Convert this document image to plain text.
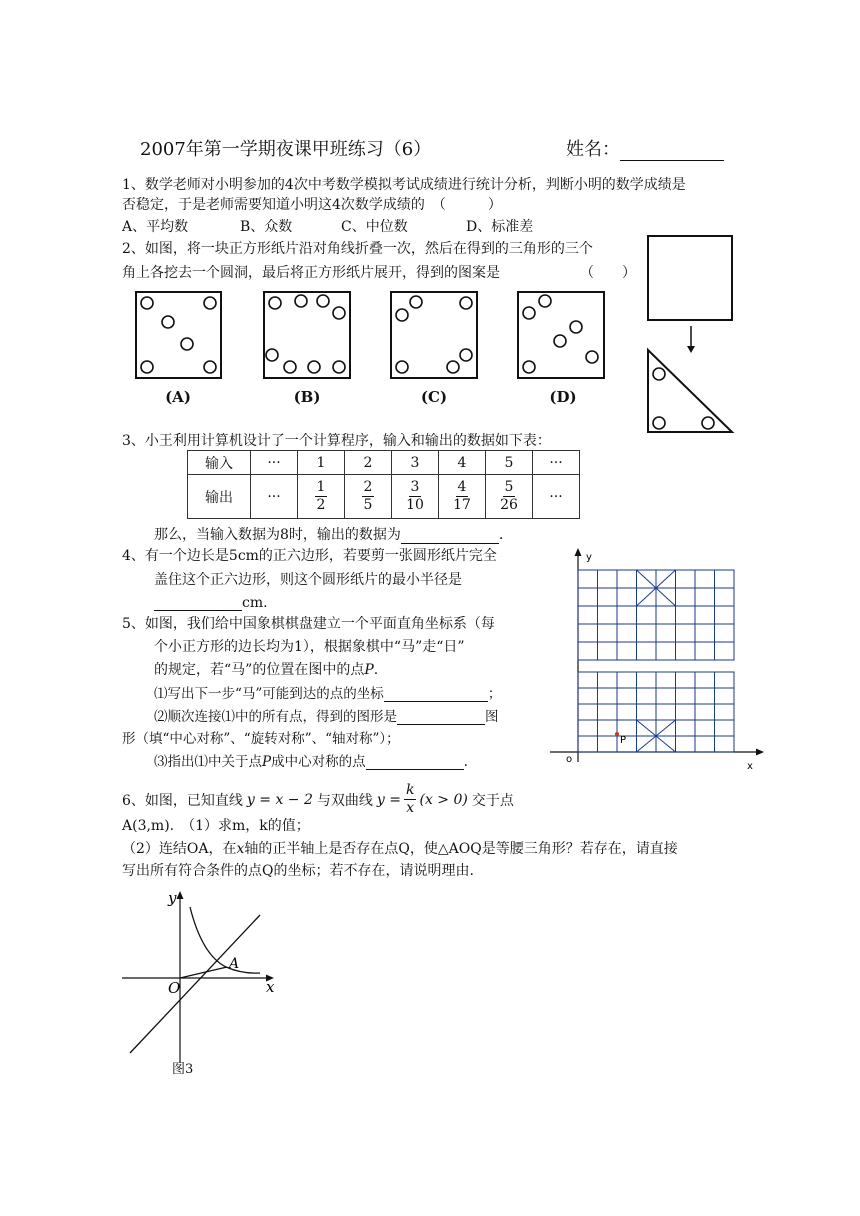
2007年第一学期夜课甲班练习（6）	姓名：
1、数学老师对小明参加的4次中考数学模拟考试成绩进行统计分析，判断小明的数学成绩是
否稳定，于是老师需要知道小明这4次数学成绩的　（　　　）
A、平均数	B、众数	C、中位数	D、标准差
2、如图，将一块正方形纸片沿对角线折叠一次，然后在得到的三角形的三个
角上各挖去一个圆洞，最后将正方形纸片展开，得到的图案是	（　　）
(A)	(B)	(C)	(D)
3、小王利用计算机设计了一个计算程序，输入和输出的数据如下表：
输入	···	1	2	3	4	5	···
输出	···	$\frac{1}{2}$	$\frac{2}{5}$	$\frac{3}{10}$	$\frac{4}{17}$	$\frac{5}{26}$	···
那么，当输入数据为8时，输出的数据为	.
4、有一个边长是5cm的正六边形，若要剪一张圆形纸片完全
盖住这个正六边形，则这个圆形纸片的最小半径是
cm.
5、如图，我们给中国象棋棋盘建立一个平面直角坐标系（每
个小正方形的边长均为1），根据象棋中“马”走“日”
的规定，若“马”的位置在图中的点P.
⑴写出下一步“马”可能到达的点的坐标	；
⑵顺次连接⑴中的所有点，得到的图形是	图
形（填“中心对称”、“旋转对称”、“轴对称”）；
⑶指出⑴中关于点P成中心对称的点	.
y
x
o
P
6、如图，已知直线 y = x − 2 与双曲线 $y = \frac{k}{x} (x > 0)$ 交于点
A(3,m).　（1）求m，k的值；
（2）连结OA，在x轴的正半轴上是否存在点Q，使△AOQ是等腰三角形？若存在，请直接
写出所有符合条件的点Q的坐标；若不存在，请说明理由.
y
x
O
A
图3
